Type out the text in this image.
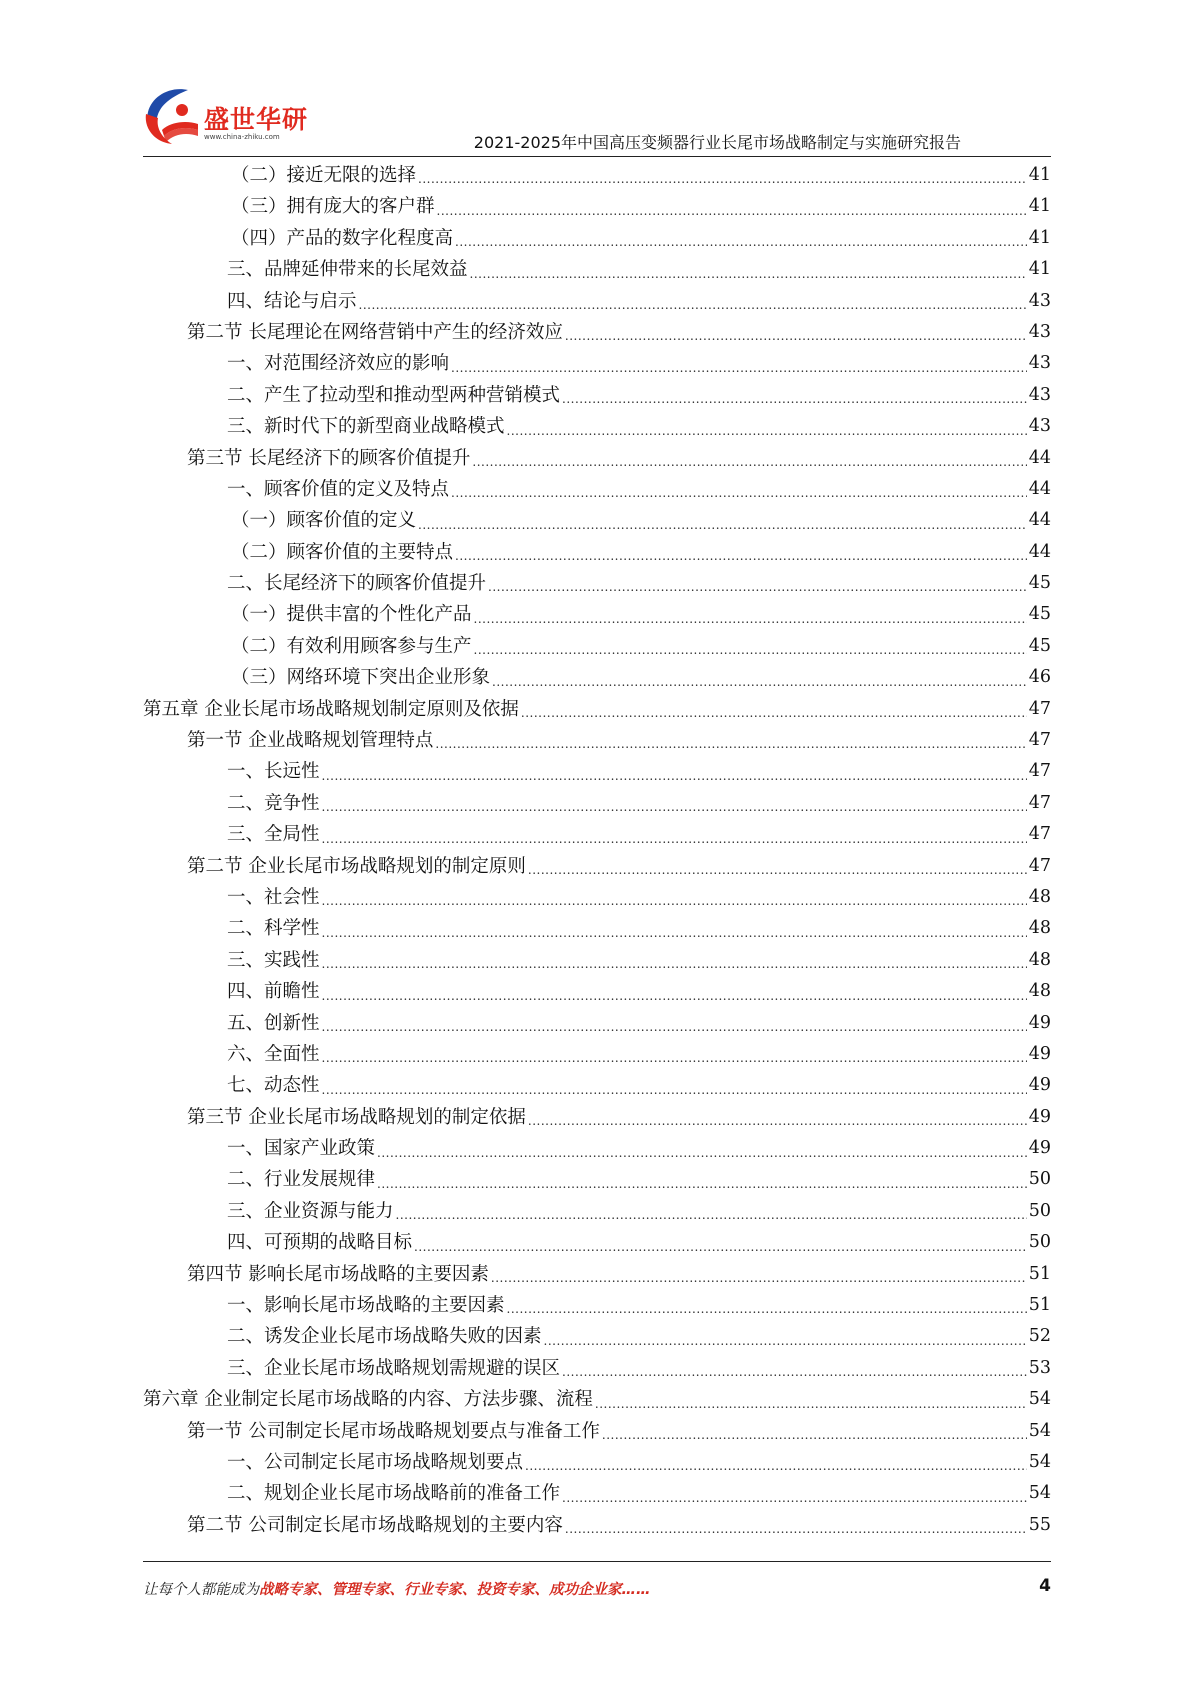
盛世华研
www.china-zhiku.com	2021-2025年中国高压变频器行业长尾市场战略制定与实施研究报告
（二）接近无限的选择 .....	41
（三）拥有庞大的客户群 .....	41
（四）产品的数字化程度高 .....	41
三、品牌延伸带来的长尾效益 .....	41
四、结论与启示 .....	43
第二节 长尾理论在网络营销中产生的经济效应 .....	43
一、对范围经济效应的影响 .....	43
二、产生了拉动型和推动型两种营销模式 .....	43
三、新时代下的新型商业战略模式 .....	43
第三节 长尾经济下的顾客价值提升 .....	44
一、顾客价值的定义及特点 .....	44
（一）顾客价值的定义 .....	44
（二）顾客价值的主要特点 .....	44
二、长尾经济下的顾客价值提升 .....	45
（一）提供丰富的个性化产品 .....	45
（二）有效利用顾客参与生产 .....	45
（三）网络环境下突出企业形象 .....	46
第五章 企业长尾市场战略规划制定原则及依据 .....	47
第一节 企业战略规划管理特点 .....	47
一、长远性 .....	47
二、竞争性 .....	47
三、全局性 .....	47
第二节 企业长尾市场战略规划的制定原则 .....	47
一、社会性 .....	48
二、科学性 .....	48
三、实践性 .....	48
四、前瞻性 .....	48
五、创新性 .....	49
六、全面性 .....	49
七、动态性 .....	49
第三节 企业长尾市场战略规划的制定依据 .....	49
一、国家产业政策 .....	49
二、行业发展规律 .....	50
三、企业资源与能力 .....	50
四、可预期的战略目标 .....	50
第四节 影响长尾市场战略的主要因素 .....	51
一、影响长尾市场战略的主要因素 .....	51
二、诱发企业长尾市场战略失败的因素 .....	52
三、企业长尾市场战略规划需规避的误区 .....	53
第六章 企业制定长尾市场战略的内容、方法步骤、流程 .....	54
第一节 公司制定长尾市场战略规划要点与准备工作 .....	54
一、公司制定长尾市场战略规划要点 .....	54
二、规划企业长尾市场战略前的准备工作 .....	54
第二节 公司制定长尾市场战略规划的主要内容 .....	55
让每个人都能成为战略专家、管理专家、行业专家、投资专家、成功企业家……	4
